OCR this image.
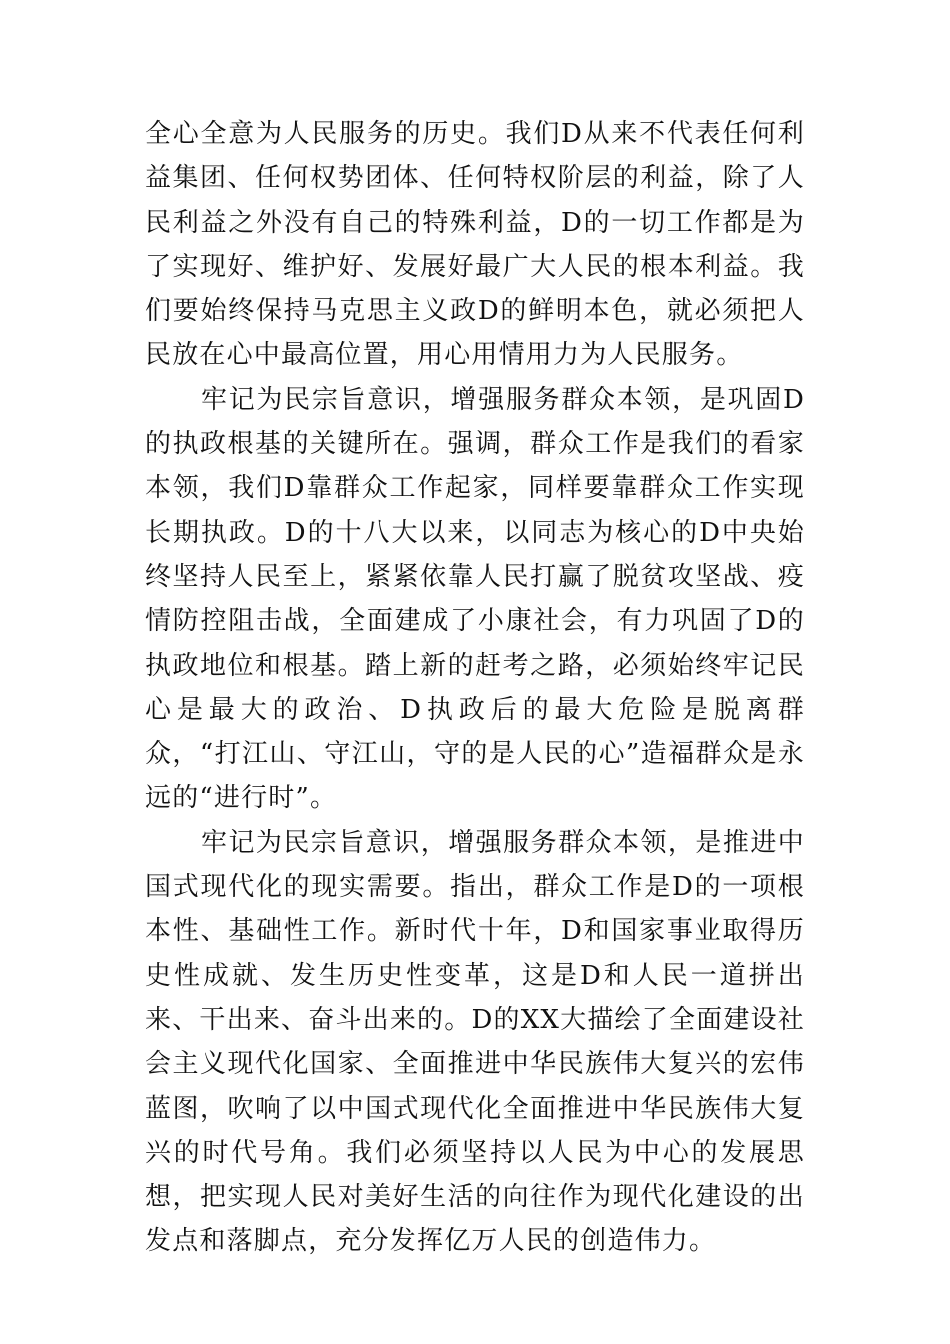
全心全意为人民服务的历史。我们D从来不代表任何利益集团、任何权势团体、任何特权阶层的利益，除了人民利益之外没有自己的特殊利益，D的一切工作都是为了实现好、维护好、发展好最广大人民的根本利益。我们要始终保持马克思主义政D的鲜明本色，就必须把人民放在心中最高位置，用心用情用力为人民服务。

牢记为民宗旨意识，增强服务群众本领，是巩固D的执政根基的关键所在。强调，群众工作是我们的看家本领，我们D靠群众工作起家，同样要靠群众工作实现长期执政。D的十八大以来，以同志为核心的D中央始终坚持人民至上，紧紧依靠人民打赢了脱贫攻坚战、疫情防控阻击战，全面建成了小康社会，有力巩固了D的执政地位和根基。踏上新的赶考之路，必须始终牢记民心是最大的政治、D执政后的最大危险是脱离群众，“打江山、守江山，守的是人民的心”造福群众是永远的“进行时”。

牢记为民宗旨意识，增强服务群众本领，是推进中国式现代化的现实需要。指出，群众工作是D的一项根本性、基础性工作。新时代十年，D和国家事业取得历史性成就、发生历史性变革，这是D和人民一道拼出来、干出来、奋斗出来的。D的XX大描绘了全面建设社会主义现代化国家、全面推进中华民族伟大复兴的宏伟蓝图，吹响了以中国式现代化全面推进中华民族伟大复兴的时代号角。我们必须坚持以人民为中心的发展思想，把实现人民对美好生活的向往作为现代化建设的出发点和落脚点，充分发挥亿万人民的创造伟力。
